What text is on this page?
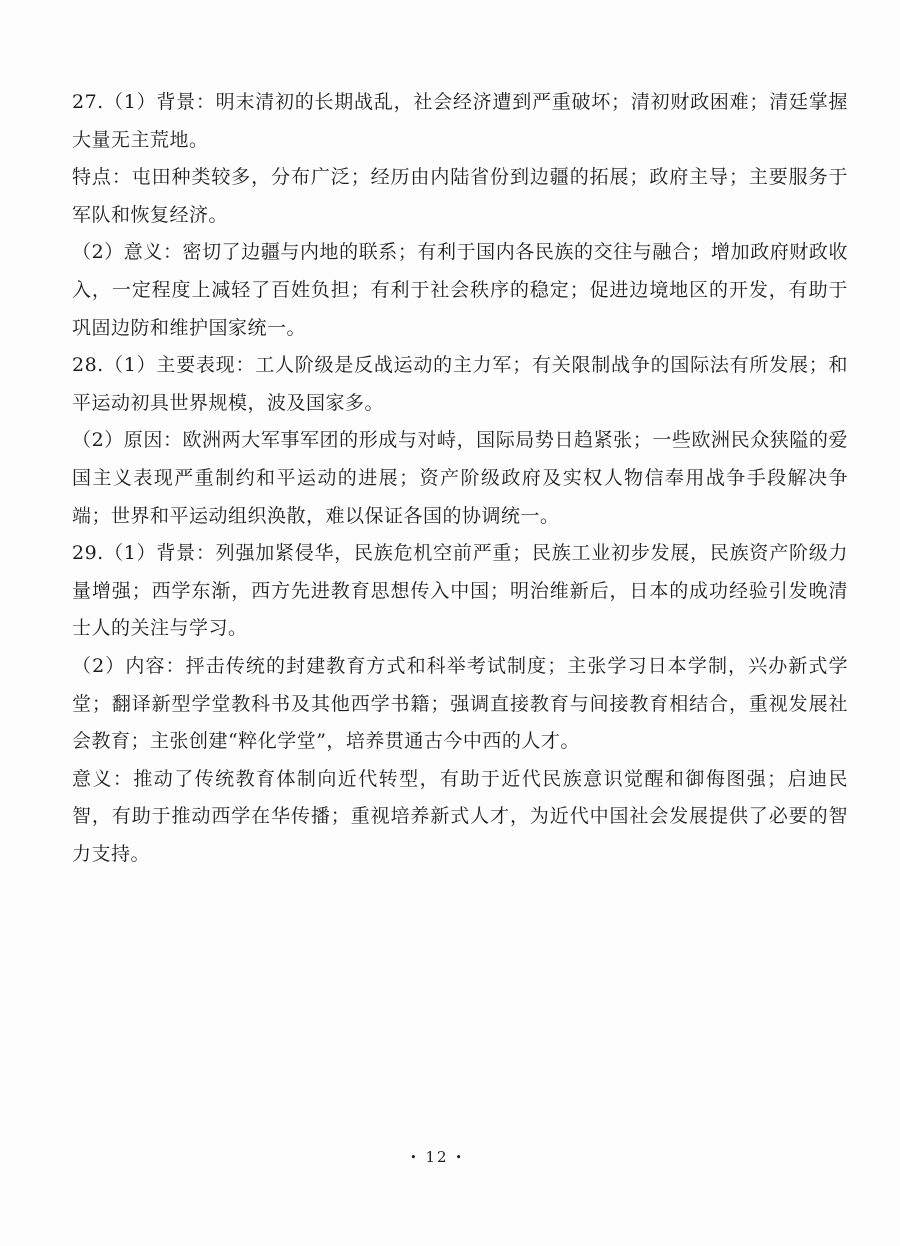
27.（1）背景：明末清初的长期战乱，社会经济遭到严重破坏；清初财政困难；清廷掌握大量无主荒地。

特点：屯田种类较多，分布广泛；经历由内陆省份到边疆的拓展；政府主导；主要服务于军队和恢复经济。

（2）意义：密切了边疆与内地的联系；有利于国内各民族的交往与融合；增加政府财政收入，一定程度上减轻了百姓负担；有利于社会秩序的稳定；促进边境地区的开发，有助于巩固边防和维护国家统一。

28.（1）主要表现：工人阶级是反战运动的主力军；有关限制战争的国际法有所发展；和平运动初具世界规模，波及国家多。

（2）原因：欧洲两大军事军团的形成与对峙，国际局势日趋紧张；一些欧洲民众狭隘的爱国主义表现严重制约和平运动的进展；资产阶级政府及实权人物信奉用战争手段解决争端；世界和平运动组织涣散，难以保证各国的协调统一。

29.（1）背景：列强加紧侵华，民族危机空前严重；民族工业初步发展，民族资产阶级力量增强；西学东渐，西方先进教育思想传入中国；明治维新后，日本的成功经验引发晚清士人的关注与学习。

（2）内容：抨击传统的封建教育方式和科举考试制度；主张学习日本学制，兴办新式学堂；翻译新型学堂教科书及其他西学书籍；强调直接教育与间接教育相结合，重视发展社会教育；主张创建“粹化学堂”，培养贯通古今中西的人才。

意义：推动了传统教育体制向近代转型，有助于近代民族意识觉醒和御侮图强；启迪民智，有助于推动西学在华传播；重视培养新式人才，为近代中国社会发展提供了必要的智力支持。

• 12 •
